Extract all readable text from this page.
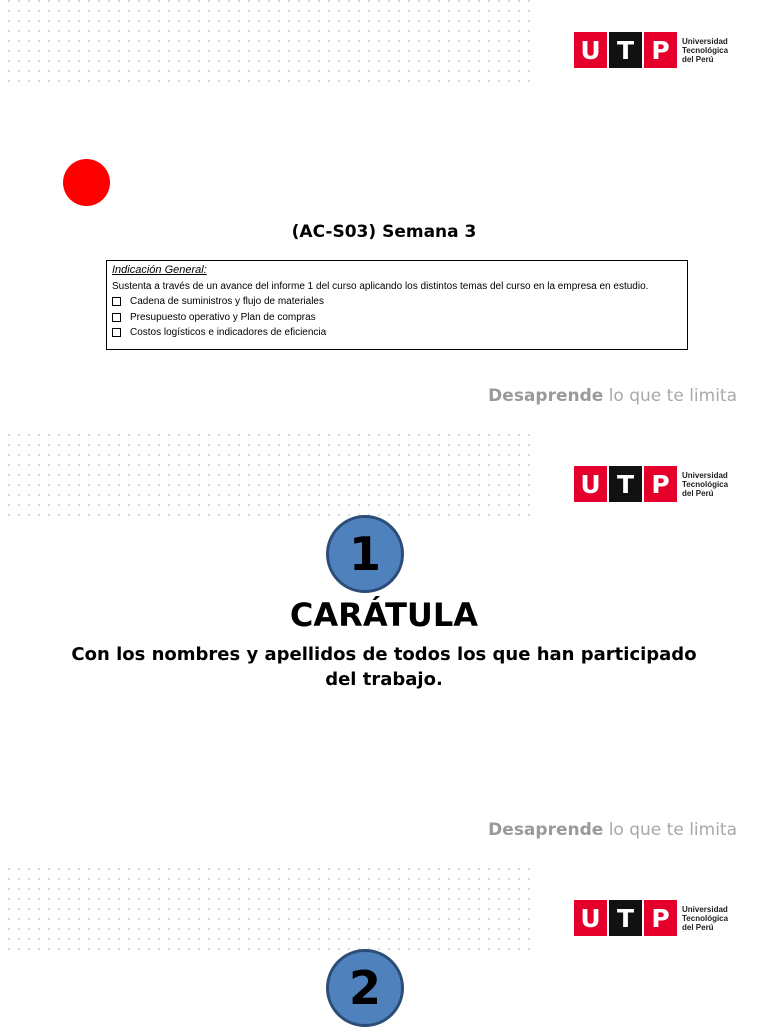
U T P	Universidad
Tecnológica
del Perú
Desaprende lo que te limita
(AC-S03) Semana 3
Indicación General:
Sustenta a través de un avance del informe 1 del curso aplicando los distintos temas del curso en la empresa en estudio.
Cadena de suministros y flujo de materiales
Presupuesto operativo y Plan de compras
Costos logísticos e indicadores de eficiencia
U T P	Universidad
Tecnológica
del Perú
Desaprende lo que te limita
1
CARÁTULA
Con los nombres y apellidos de todos los que han participado del trabajo.
U T P	Universidad
Tecnológica
del Perú
2
